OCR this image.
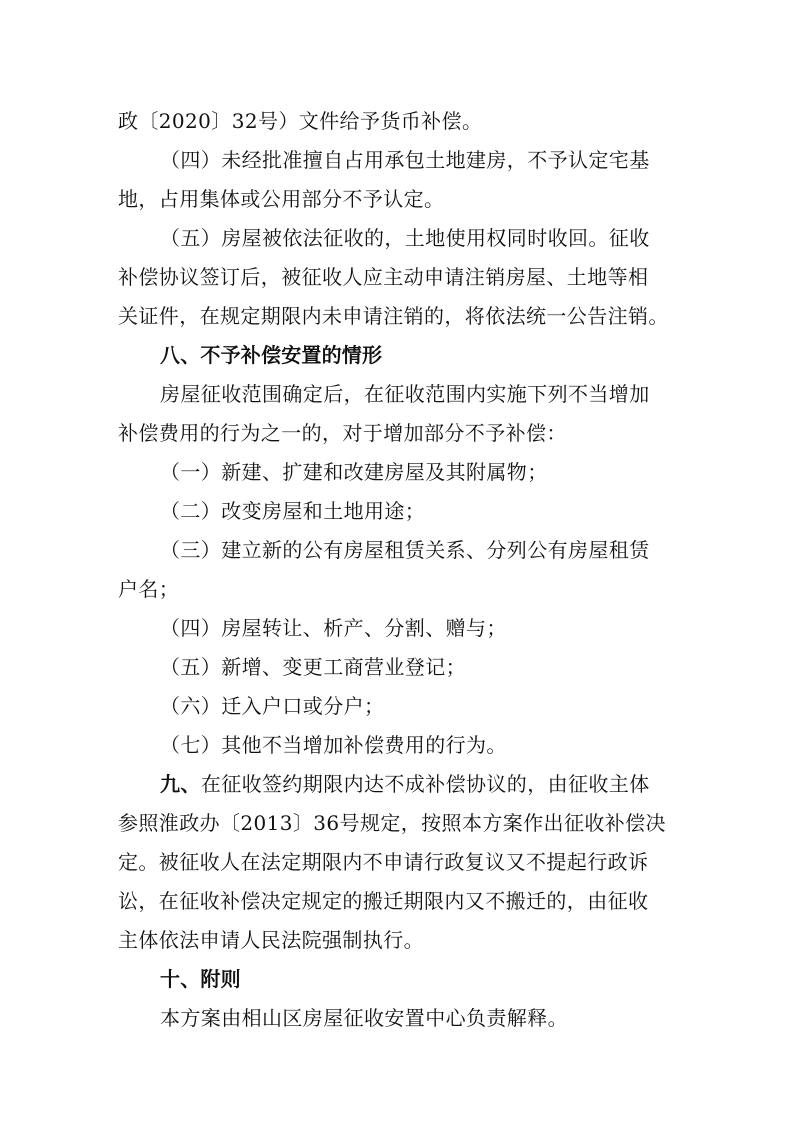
政〔2020〕32号）文件给予货币补偿。
（四）未经批准擅自占用承包土地建房，不予认定宅基
地，占用集体或公用部分不予认定。
（五）房屋被依法征收的，土地使用权同时收回。征收
补偿协议签订后，被征收人应主动申请注销房屋、土地等相
关证件，在规定期限内未申请注销的，将依法统一公告注销。
八、不予补偿安置的情形
房屋征收范围确定后，在征收范围内实施下列不当增加
补偿费用的行为之一的，对于增加部分不予补偿：
（一）新建、扩建和改建房屋及其附属物；
（二）改变房屋和土地用途；
（三）建立新的公有房屋租赁关系、分列公有房屋租赁
户名；
（四）房屋转让、析产、分割、赠与；
（五）新增、变更工商营业登记；
（六）迁入户口或分户；
（七）其他不当增加补偿费用的行为。
九、在征收签约期限内达不成补偿协议的，由征收主体
参照淮政办〔2013〕36号规定，按照本方案作出征收补偿决
定。被征收人在法定期限内不申请行政复议又不提起行政诉
讼，在征收补偿决定规定的搬迁期限内又不搬迁的，由征收
主体依法申请人民法院强制执行。
十、附则
本方案由相山区房屋征收安置中心负责解释。
